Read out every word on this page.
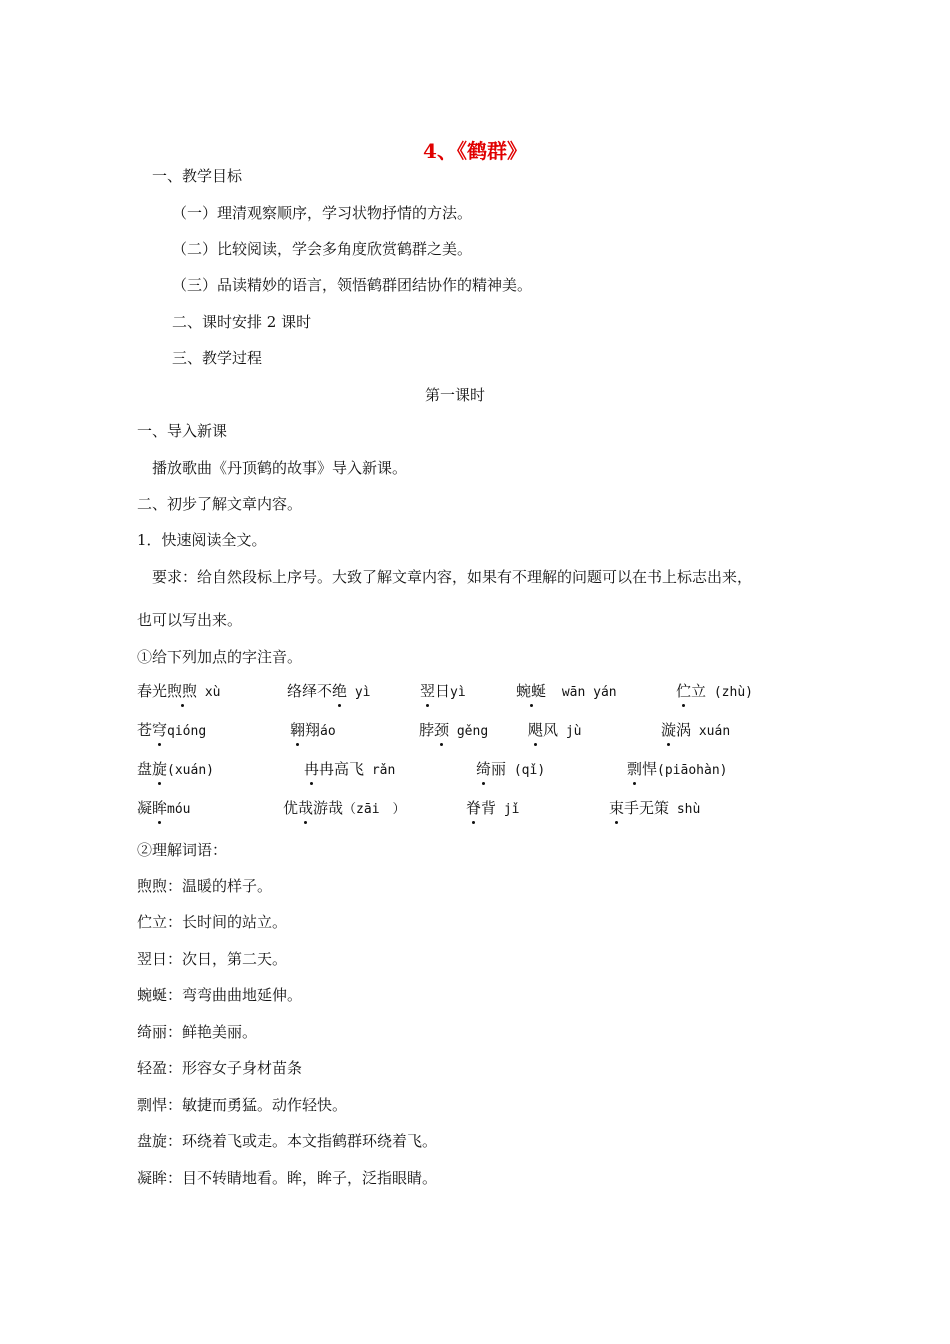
4、《鹤群》
一、教学目标
（一）理清观察顺序，学习状物抒情的方法。
（二）比较阅读，学会多角度欣赏鹤群之美。
（三）品读精妙的语言，领悟鹤群团结协作的精神美。
二、课时安排 2 课时
三、教学过程
第一课时
一、导入新课
播放歌曲《丹顶鹤的故事》导入新课。
二、初步了解文章内容。
1．快速阅读全文。
要求：给自然段标上序号。大致了解文章内容，如果有不理解的问题可以在书上标志出来，
也可以写出来。
①给下列加点的字注音。
春光煦煦 xù	络绎不绝 yì	翌日yì	蜿蜒 wān yán	伫立 (zhù)
苍穹qióng	翱翔áo	脖颈 gěng	飓风 jù	漩涡 xuán
盘旋(xuán)	冉冉高飞 rǎn	绮丽 (qǐ)	剽悍(piāohàn)
凝眸móu	优哉游哉（zāi　）	脊背 jǐ	束手无策 shù
②理解词语：
煦煦：温暖的样子。
伫立：长时间的站立。
翌日：次日，第二天。
蜿蜒：弯弯曲曲地延伸。
绮丽：鲜艳美丽。
轻盈：形容女子身材苗条
剽悍：敏捷而勇猛。动作轻快。
盘旋：环绕着飞或走。本文指鹤群环绕着飞。
凝眸：目不转睛地看。眸，眸子，泛指眼睛。
